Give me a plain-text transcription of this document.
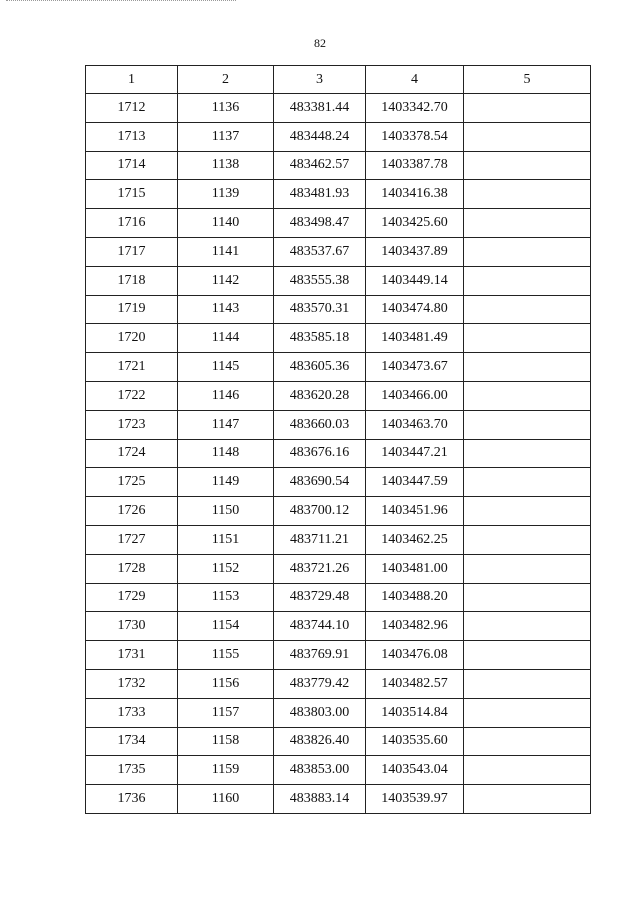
82
1	2	3	4	5
1712	1136	483381.44	1403342.70	
1713	1137	483448.24	1403378.54	
1714	1138	483462.57	1403387.78	
1715	1139	483481.93	1403416.38	
1716	1140	483498.47	1403425.60	
1717	1141	483537.67	1403437.89	
1718	1142	483555.38	1403449.14	
1719	1143	483570.31	1403474.80	
1720	1144	483585.18	1403481.49	
1721	1145	483605.36	1403473.67	
1722	1146	483620.28	1403466.00	
1723	1147	483660.03	1403463.70	
1724	1148	483676.16	1403447.21	
1725	1149	483690.54	1403447.59	
1726	1150	483700.12	1403451.96	
1727	1151	483711.21	1403462.25	
1728	1152	483721.26	1403481.00	
1729	1153	483729.48	1403488.20	
1730	1154	483744.10	1403482.96	
1731	1155	483769.91	1403476.08	
1732	1156	483779.42	1403482.57	
1733	1157	483803.00	1403514.84	
1734	1158	483826.40	1403535.60	
1735	1159	483853.00	1403543.04	
1736	1160	483883.14	1403539.97	
